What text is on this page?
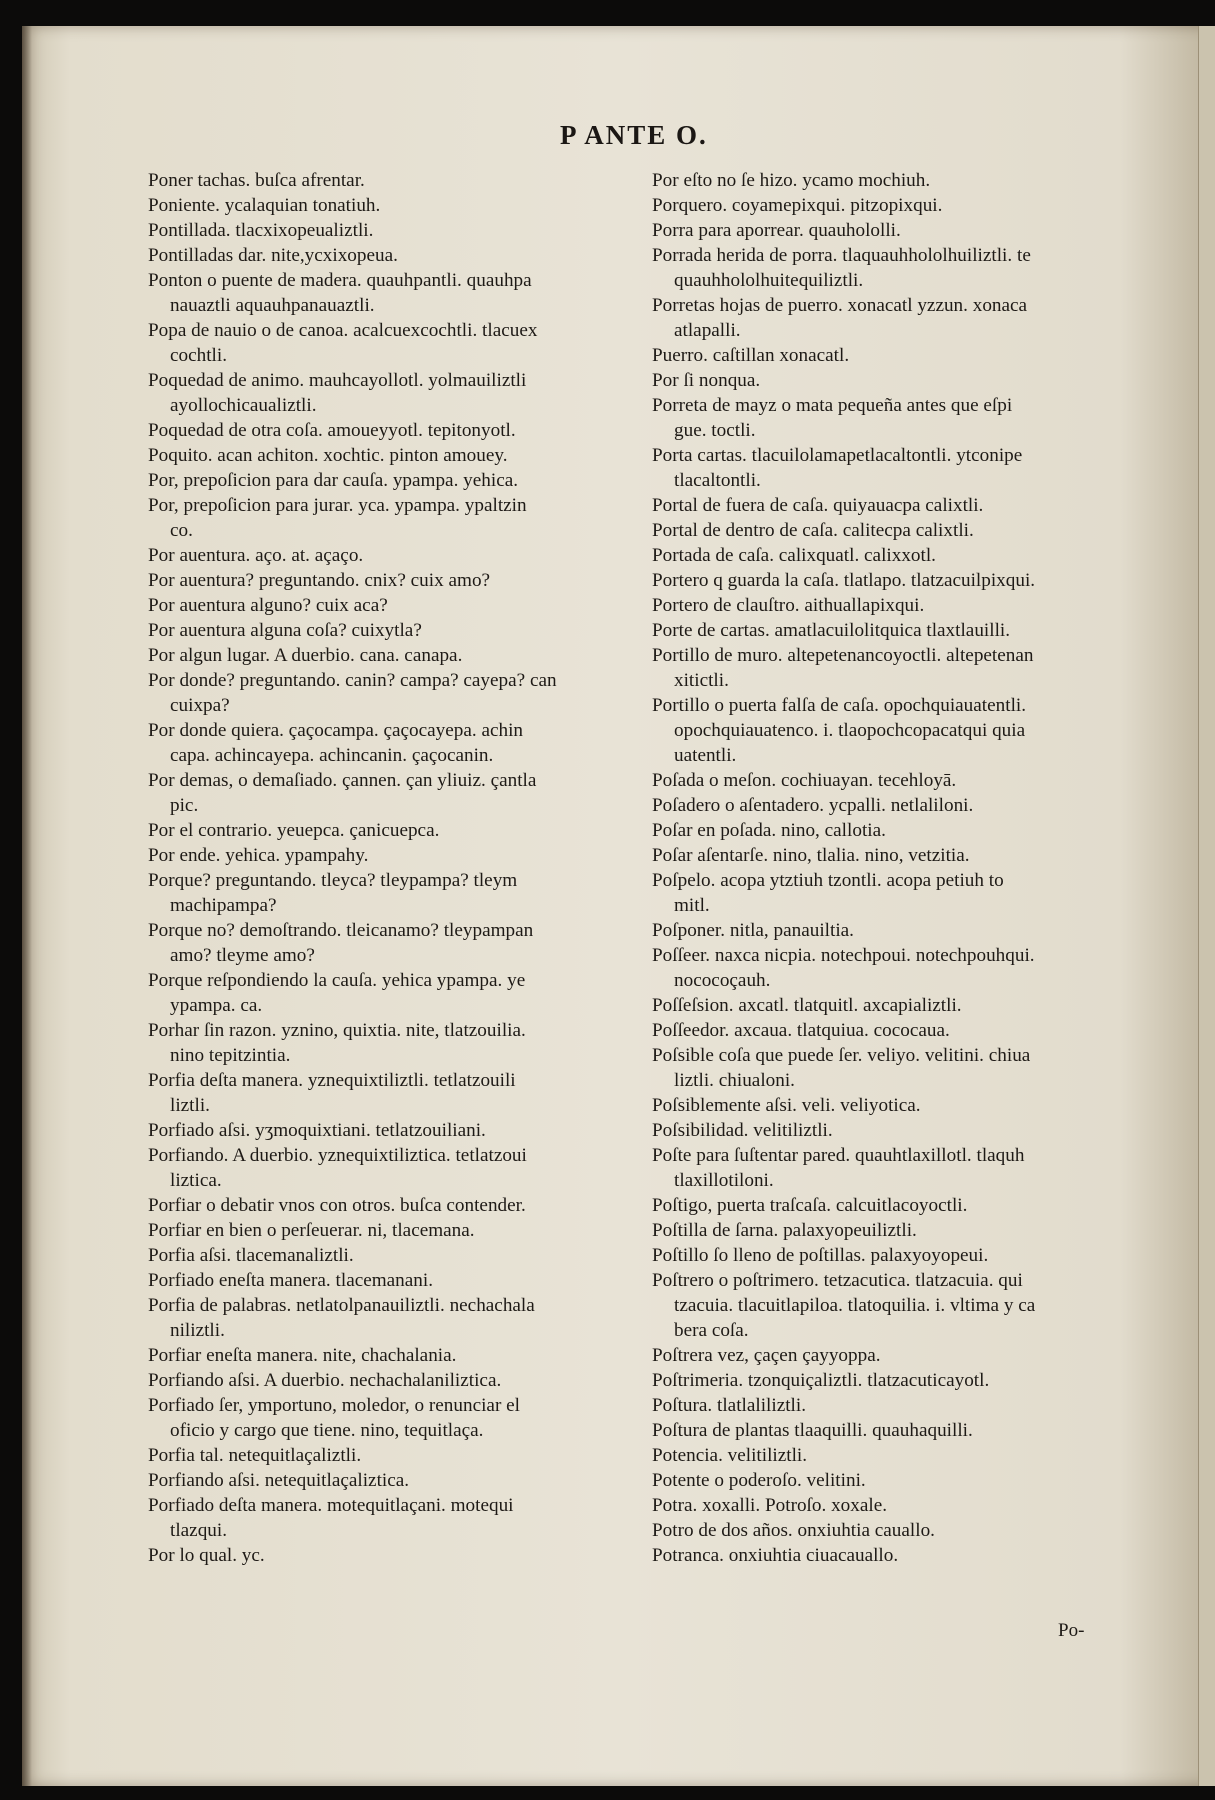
P ANTE O.

Poner tachas. buſca afrentar.

Poniente. ycalaquian tonatiuh.

Pontillada. tlacxixopeualiztli.

Pontilladas dar. nite,ycxixopeua.

Ponton o puente de madera. quauhpantli. quauhpa
nauaztli aquauhpanauaztli.

Popa de nauio o de canoa. acalcuexcochtli. tlacuex
cochtli.

Poquedad de animo. mauhcayollotl. yolmauiliztli
ayollochicaualiztli.

Poquedad de otra coſa. amoueyyotl. tepitonyotl.

Poquito. acan achiton. xochtic. pinton amouey.

Por, prepoſicion para dar cauſa. ypampa. yehica.

Por, prepoſicion para jurar. yca. ypampa. ypaltzin
co.

Por auentura. aço. at. açaço.

Por auentura? preguntando. cnix? cuix amo?

Por auentura alguno? cuix aca?

Por auentura alguna coſa? cuixytla?

Por algun lugar. A duerbio. cana. canapa.

Por donde? preguntando. canin? campa? cayepa? can
cuixpa?

Por donde quiera. çaçocampa. çaçocayepa. achin
capa. achincayepa. achincanin. çaçocanin.

Por demas, o demaſiado. çannen. çan yliuiz. çantla
pic.

Por el contrario. yeuepca. çanicuepca.

Por ende. yehica. ypampahy.

Porque? preguntando. tleyca? tleypampa? tleym
machipampa?

Porque no? demoſtrando. tleicanamo? tleypampan
amo? tleyme amo?

Porque reſpondiendo la cauſa. yehica ypampa. ye
ypampa. ca.

Porhar ſin razon. yznino, quixtia. nite, tlatzouilia.
nino tepitzintia.

Porfia deſta manera. yznequixtiliztli. tetlatzouili
liztli.

Porfiado aſsi. yʒmoquixtiani. tetlatzouiliani.

Porfiando. A duerbio. yznequixtiliztica. tetlatzoui
liztica.

Porfiar o debatir vnos con otros. buſca contender.

Porfiar en bien o perſeuerar. ni, tlacemana.

Porfia aſsi. tlacemanaliztli.

Porfiado eneſta manera. tlacemanani.

Porfia de palabras. netlatolpanauiliztli. nechachala
niliztli.

Porfiar eneſta manera. nite, chachalania.

Porfiando aſsi. A duerbio. nechachalaniliztica.

Porfiado ſer, ymportuno, moledor, o renunciar el
oficio y cargo que tiene. nino, tequitlaça.

Porfia tal. netequitlaçaliztli.

Porfiando aſsi. netequitlaçaliztica.

Porfiado deſta manera. motequitlaçani. motequi
tlazqui.

Por lo qual. yc.

Por eſto no ſe hizo. ycamo mochiuh.

Porquero. coyamepixqui. pitzopixqui.

Porra para aporrear. quauhololli.

Porrada herida de porra. tlaquauhhololhuiliztli. te
quauhhololhuitequiliztli.

Porretas hojas de puerro. xonacatl yzzun. xonaca
atlapalli.

Puerro. caſtillan xonacatl.

Por ſi nonqua.

Porreta de mayz o mata pequeña antes que eſpi
gue. toctli.

Porta cartas. tlacuilolamapetlacaltontli. ytconipe
tlacaltontli.

Portal de fuera de caſa. quiyauacpa calixtli.

Portal de dentro de caſa. calitecpa calixtli.

Portada de caſa. calixquatl. calixxotl.

Portero q guarda la caſa. tlatlapo. tlatzacuilpixqui.

Portero de clauſtro. aithuallapixqui.

Porte de cartas. amatlacuilolitquica tlaxtlauilli.

Portillo de muro. altepetenancoyoctli. altepetenan
xitictli.

Portillo o puerta falſa de caſa. opochquiauatentli.
opochquiauatenco. i. tlaopochcopacatqui quia
uatentli.

Poſada o meſon. cochiuayan. tecehloyā.

Poſadero o aſentadero. ycpalli. netlaliloni.

Poſar en poſada. nino, callotia.

Poſar aſentarſe. nino, tlalia. nino, vetzitia.

Poſpelo. acopa ytztiuh tzontli. acopa petiuh to
mitl.

Poſponer. nitla, panauiltia.

Poſſeer. naxca nicpia. notechpoui. notechpouhqui.
nococoçauh.

Poſſeſsion. axcatl. tlatquitl. axcapializtli.

Poſſeedor. axcaua. tlatquiua. cococaua.

Poſsible coſa que puede ſer. veliyo. velitini. chiua
liztli. chiualoni.

Poſsiblemente aſsi. veli. veliyotica.

Poſsibilidad. velitiliztli.

Poſte para ſuſtentar pared. quauhtlaxillotl. tlaquh
tlaxillotiloni.

Poſtigo, puerta traſcaſa. calcuitlacoyoctli.

Poſtilla de ſarna. palaxyopeuiliztli.

Poſtillo ſo lleno de poſtillas. palaxyoyopeui.

Poſtrero o poſtrimero. tetzacutica. tlatzacuia. qui
tzacuia. tlacuitlapiloa. tlatoquilia. i. vltima y ca
bera coſa.

Poſtrera vez, çaçen çayyoppa.

Poſtrimeria. tzonquiçaliztli. tlatzacuticayotl.

Poſtura. tlatlaliliztli.

Poſtura de plantas tlaaquilli. quauhaquilli.

Potencia. velitiliztli.

Potente o poderoſo. velitini.

Potra. xoxalli. Potroſo. xoxale.

Potro de dos años. onxiuhtia cauallo.

Potranca. onxiuhtia ciuacauallo.

Po-
